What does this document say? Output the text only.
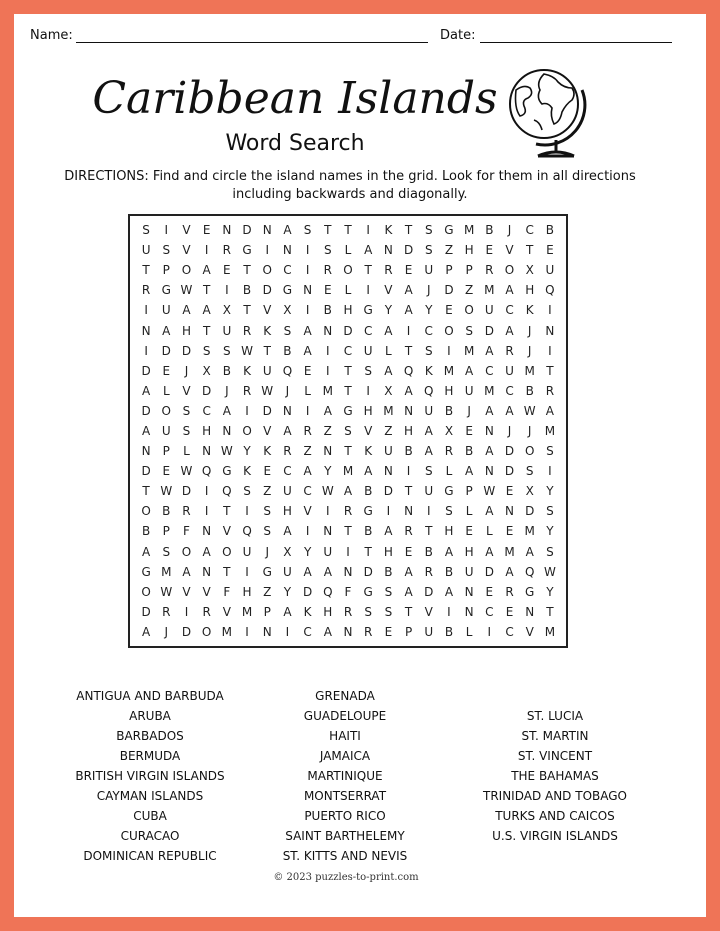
Name:	Date:
Caribbean Islands
Word Search
DIRECTIONS: Find and circle the island names in the grid. Look for them in all directions including backwards and diagonally.
S	I	V	E N D N A	S	T	T	I	K	T	S G M B	J	C B
U S	V	I	R G	I	N	I	S	L	A N D S	Z H E	V	T	E
T	P O A	E	T O C	I	R O T	R	E U	P	P	R O X U
R G W T	I	B D G N E	L	I	V A	J	D Z M A H Q
I	U A A X	T	V X	I	B H G Y	A	Y	E O U C	K	I
N A H	T	U R	K	S	A N D C A	I	C O S D A	J	N
I	D D S	S W T	B A	I	C U	L	T	S	I	M A R	J	I
D E	J	X B	K U Q E	I	T	S	A Q K M A C U M T
A	L	V D	J	R W	J	L M T	I	X A Q H U M C B R
D O S	C A	I	D N	I	A G H M N U B	J	A A W A
A U S H N O V A R Z	S	V Z H A X	E N	J	J	M
N	P	L	N W Y	K	R Z N	T	K U B A R B A D O S
D E W Q G K	E	C A	Y M A N	I	S	L	A N D S	I
T W D	I	Q S	Z U C W A B D T	U G P W E	X	Y
O B R	I	T	I	S H V	I	R G	I	N	I	S	L	A N D S
B	P	F	N V Q S	A	I	N	T	B A R	T	H E	L	E M Y
A	S O A O U	J	X	Y	U	I	T	H E	B A H A M A	S
G M A N	T	I	G U A A N D B A R B U D A Q W
O W V V	F	H Z	Y D Q	F	G S	A D A N E	R G Y
D R	I	R V M P	A	K H R	S	S	T	V	I	N C	E N	T
A	J	D O M	I	N	I	C A N R	E	P	U B	L	I	C V M
ANTIGUA AND BARBUDA
ARUBA
BARBADOS
BERMUDA
BRITISH VIRGIN ISLANDS
CAYMAN ISLANDS
CUBA
CURACAO
DOMINICAN REPUBLIC
GRENADA
GUADELOUPE
HAITI
JAMAICA
MARTINIQUE
MONTSERRAT
PUERTO RICO
SAINT BARTHELEMY
ST. KITTS AND NEVIS
ST. LUCIA
ST. MARTIN
ST. VINCENT
THE BAHAMAS
TRINIDAD AND TOBAGO
TURKS AND CAICOS
U.S. VIRGIN ISLANDS
© 2023 puzzles-to-print.com
